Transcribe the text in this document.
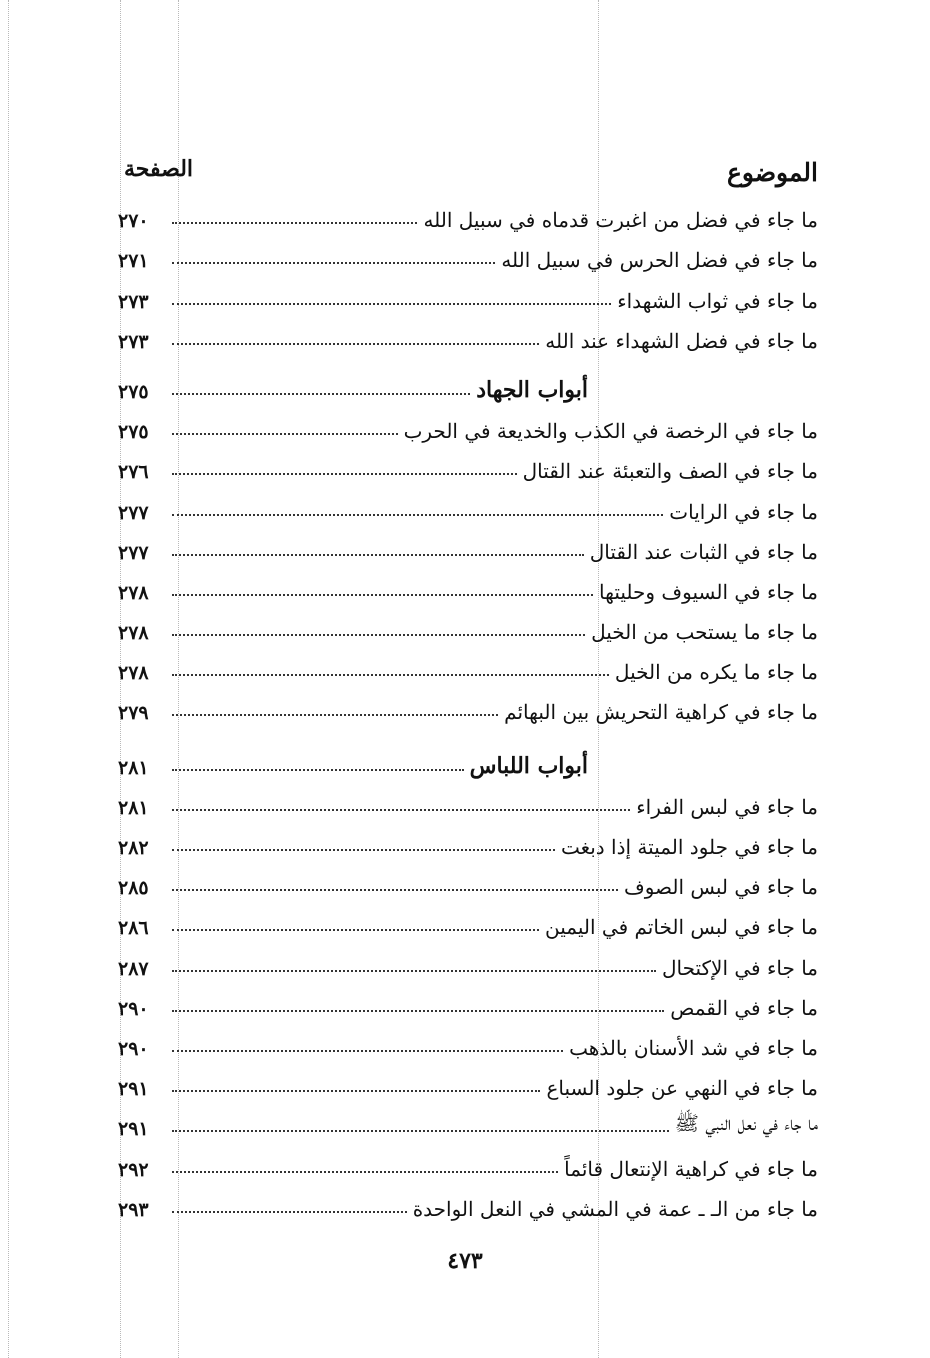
الموضوع
الصفحة
ما جاء في فضل من اغبرت قدماه في سبيل الله
٢٧٠
ما جاء في فضل الحرس في سبيل الله
٢٧١
ما جاء في ثواب الشهداء
٢٧٣
ما جاء في فضل الشهداء عند الله
٢٧٣
أبواب الجهاد
٢٧٥
ما جاء في الرخصة في الكذب والخديعة في الحرب
٢٧٥
ما جاء في الصف والتعبئة عند القتال
٢٧٦
ما جاء في الرايات
٢٧٧
ما جاء في الثبات عند القتال
٢٧٧
ما جاء في السيوف وحليتها
٢٧٨
ما جاء ما يستحب من الخيل
٢٧٨
ما جاء ما يكره من الخيل
٢٧٨
ما جاء في كراهية التحريش بين البهائم
٢٧٩
أبواب اللباس
٢٨١
ما جاء في لبس الفراء
٢٨١
ما جاء في جلود الميتة إذا دبغت
٢٨٢
ما جاء في لبس الصوف
٢٨٥
ما جاء في لبس الخاتم في اليمين
٢٨٦
ما جاء في الإكتحال
٢٨٧
ما جاء في القمص
٢٩٠
ما جاء في شد الأسنان بالذهب
٢٩٠
ما جاء في النهي عن جلود السباع
٢٩١
ما جاء في نعل النبي ﷺ
٢٩١
ما جاء في كراهية الإنتعال قائماً
٢٩٢
ما جاء من الـ ـ عمة في المشي في النعل الواحدة
٢٩٣
٤٧٣
